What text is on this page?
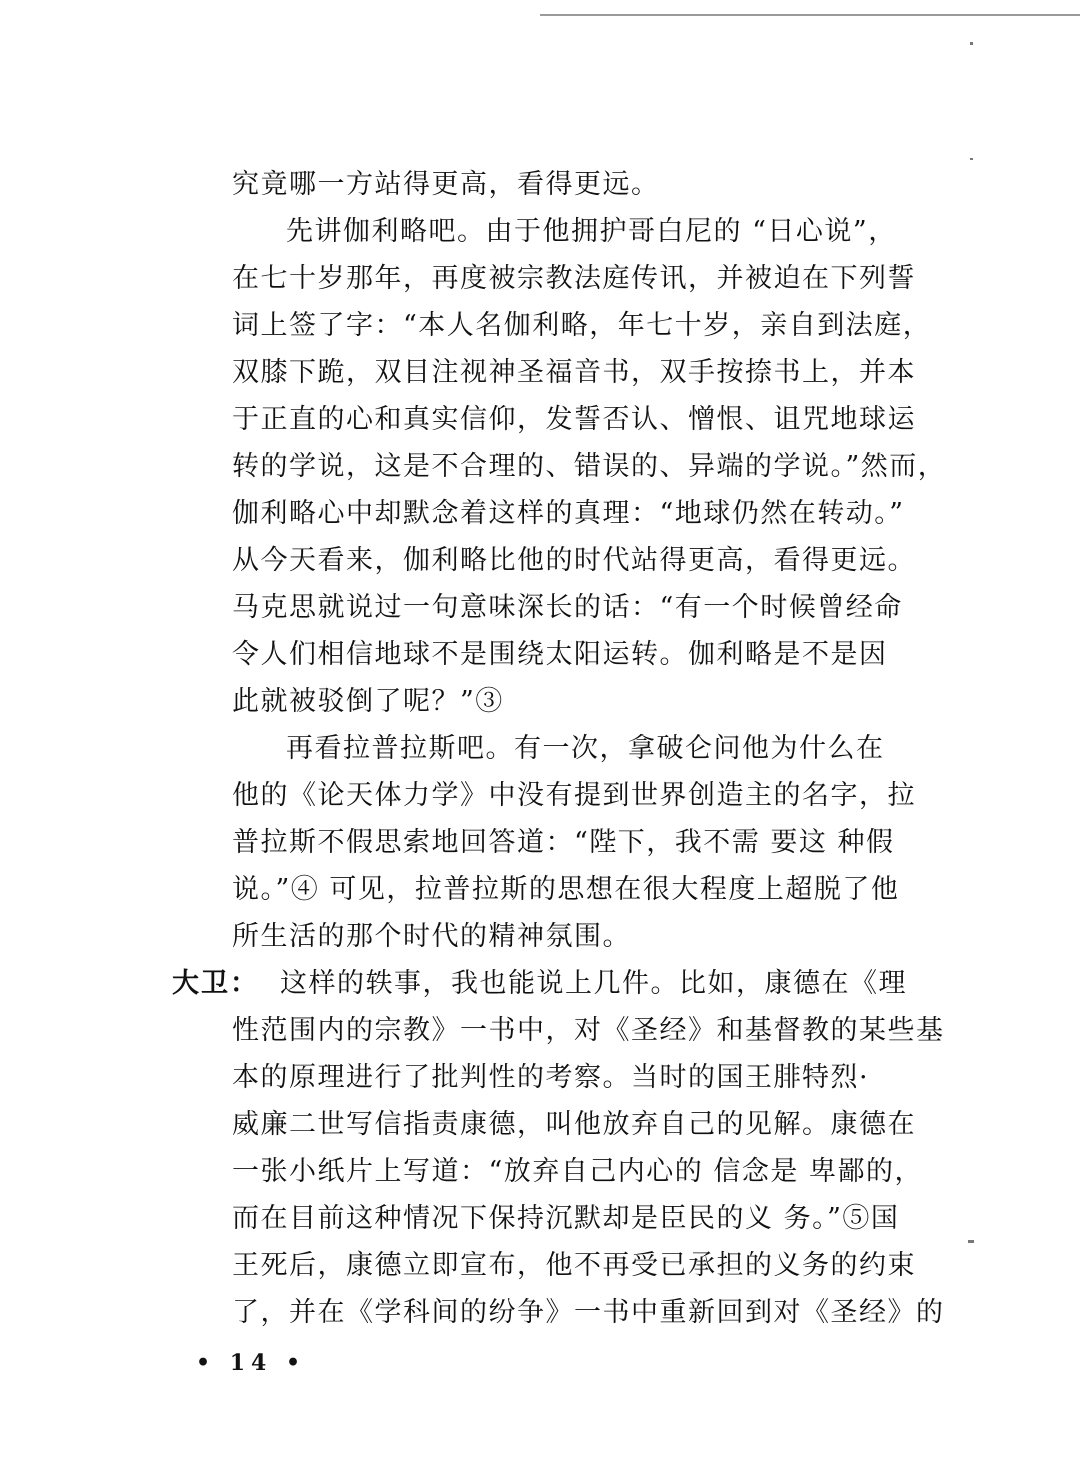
究竟哪一方站得更高，看得更远。
先讲伽利略吧。由于他拥护哥白尼的 “日心说”，
在七十岁那年，再度被宗教法庭传讯，并被迫在下列誓
词上签了字：“本人名伽利略，年七十岁，亲自到法庭，
双膝下跪，双目注视神圣福音书，双手按捺书上，并本
于正直的心和真实信仰，发誓否认、憎恨、诅咒地球运
转的学说，这是不合理的、错误的、异端的学说。”然而，
伽利略心中却默念着这样的真理：“地球仍然在转动。”
从今天看来，伽利略比他的时代站得更高，看得更远。
马克思就说过一句意味深长的话：“有一个时候曾经命
令人们相信地球不是围绕太阳运转。伽利略是不是因
此就被驳倒了呢？”③
再看拉普拉斯吧。有一次，拿破仑问他为什么在
他的《论天体力学》中没有提到世界创造主的名字，拉
普拉斯不假思索地回答道：“陛下，我不需 要这 种假
说。”④ 可见，拉普拉斯的思想在很大程度上超脱了他
所生活的那个时代的精神氛围。
大卫： 这样的轶事，我也能说上几件。比如，康德在《理
性范围内的宗教》一书中，对《圣经》和基督教的某些基
本的原理进行了批判性的考察。当时的国王腓特烈·
威廉二世写信指责康德，叫他放弃自己的见解。康德在
一张小纸片上写道：“放弃自己内心的 信念是 卑鄙的，
而在目前这种情况下保持沉默却是臣民的义 务。”⑤国
王死后，康德立即宣布，他不再受已承担的义务的约束
了，并在《学科间的纷争》一书中重新回到对《圣经》的
• 14 •
